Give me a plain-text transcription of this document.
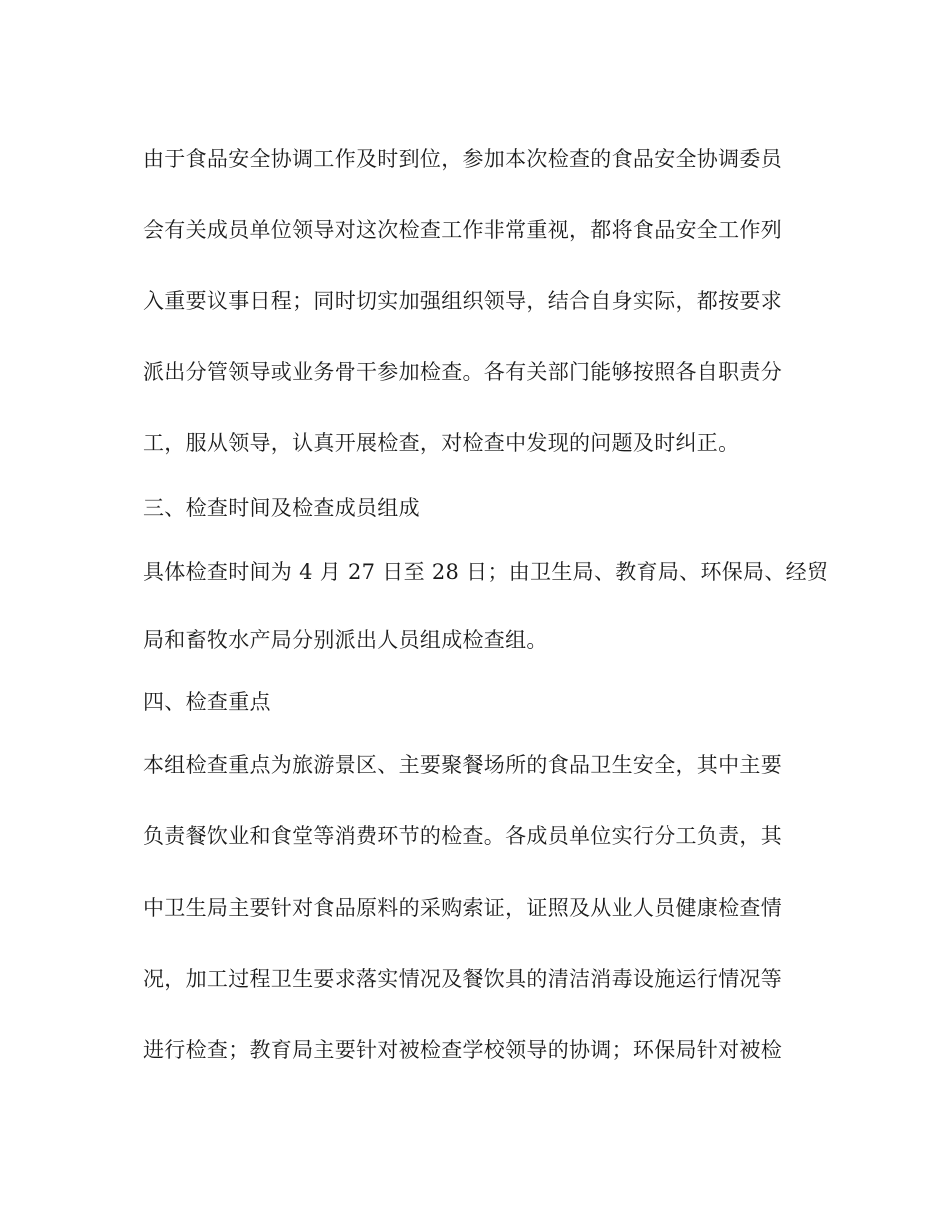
由于食品安全协调工作及时到位，参加本次检查的食品安全协调委员
会有关成员单位领导对这次检查工作非常重视，都将食品安全工作列
入重要议事日程；同时切实加强组织领导，结合自身实际，都按要求
派出分管领导或业务骨干参加检查。各有关部门能够按照各自职责分
工，服从领导，认真开展检查，对检查中发现的问题及时纠正。
三、检查时间及检查成员组成
具体检查时间为 4 月 27 日至 28 日；由卫生局、教育局、环保局、经贸
局和畜牧水产局分别派出人员组成检查组。
四、检查重点
本组检查重点为旅游景区、主要聚餐场所的食品卫生安全，其中主要
负责餐饮业和食堂等消费环节的检查。各成员单位实行分工负责，其
中卫生局主要针对食品原料的采购索证，证照及从业人员健康检查情
况，加工过程卫生要求落实情况及餐饮具的清洁消毒设施运行情况等
进行检查；教育局主要针对被检查学校领导的协调；环保局针对被检
